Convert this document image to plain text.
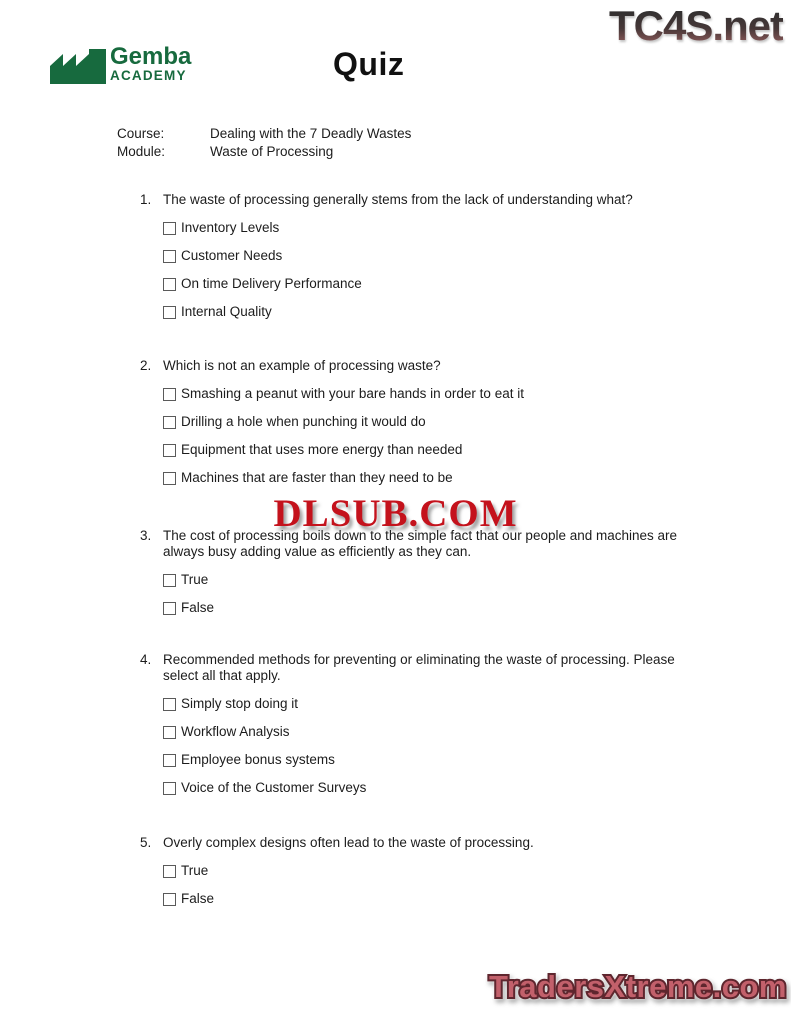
TC4S.net
Gemba
ACADEMY	Quiz
Course:	Dealing with the 7 Deadly Wastes
Module:	Waste of Processing
1. The waste of processing generally stems from the lack of understanding what?
Inventory Levels
Customer Needs
On time Delivery Performance
Internal Quality
2. Which is not an example of processing waste?
Smashing a peanut with your bare hands in order to eat it
Drilling a hole when punching it would do
Equipment that uses more energy than needed
Machines that are faster than they need to be
3. The cost of processing boils down to the simple fact that our people and machines are always busy adding value as efficiently as they can.
True
False
4. Recommended methods for preventing or eliminating the waste of processing. Please select all that apply.
Simply stop doing it
Workflow Analysis
Employee bonus systems
Voice of the Customer Surveys
5. Overly complex designs often lead to the waste of processing.
True
False
DLSUB.COM
TradersXtreme.com
